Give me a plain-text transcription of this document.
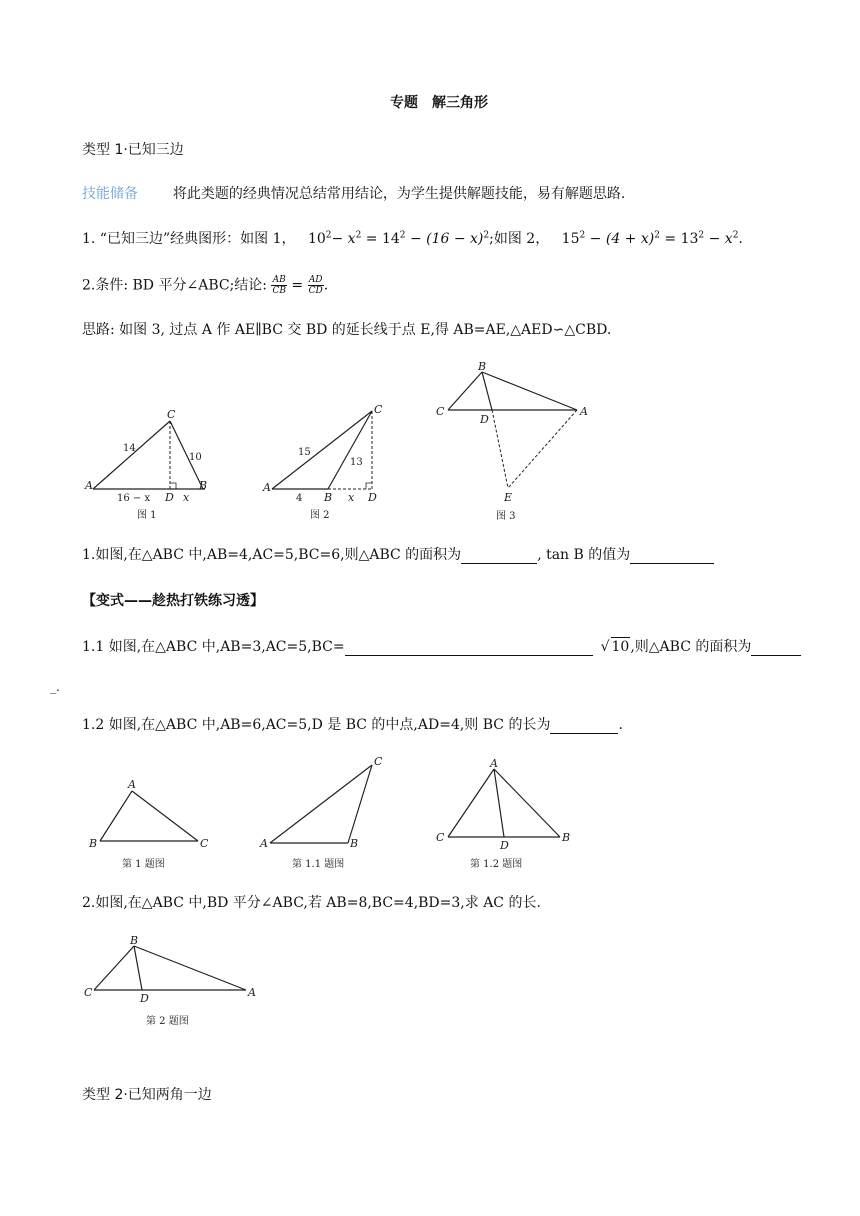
专题　解三角形
类型 1·已知三边
技能储备 将此类题的经典情况总结常用结论，为学生提供解题技能，易有解题思路.
1. “已知三边”经典图形：如图 1， $10^2- x^2 = 14^2 - (16 - x)^2$;如图 2， $15^2 - (4 + x)^2 = 13^2 - x^2$.
2.条件: BD 平分∠ABC;结论: $\frac{AB}{CB} = \frac{AD}{CD}$ .
思路: 如图 3, 过点 A 作 AE∥BC 交 BD 的延长线于点 E,得 AB=AE,△AED∽△CBD.
A	B
C
D
14
10
16 − x	x
图 1
A
B
C
D
15
13
4	x
图 2
B
C
D
A
E
图 3
1.如图,在△ABC 中,AB=4,AC=5,BC=6,则△ABC 的面积为	, tan B 的值为
【变式——趁热打铁练习透】
1.1 如图,在△ABC 中,AB=3,AC=5,BC=	√ 10,则△ABC 的面积为
_.
1.2 如图,在△ABC 中,AB=6,AC=5,D 是 BC 的中点,AD=4,则 BC 的长为	.
A
B	C
第 1 题图
A	B
C
第 1.1 题图
A
C	B
D
第 1.2 题图
2.如图,在△ABC 中,BD 平分∠ABC,若 AB=8,BC=4,BD=3,求 AC 的长.
B
C	D	A
第 2 题图
类型 2·已知两角一边
